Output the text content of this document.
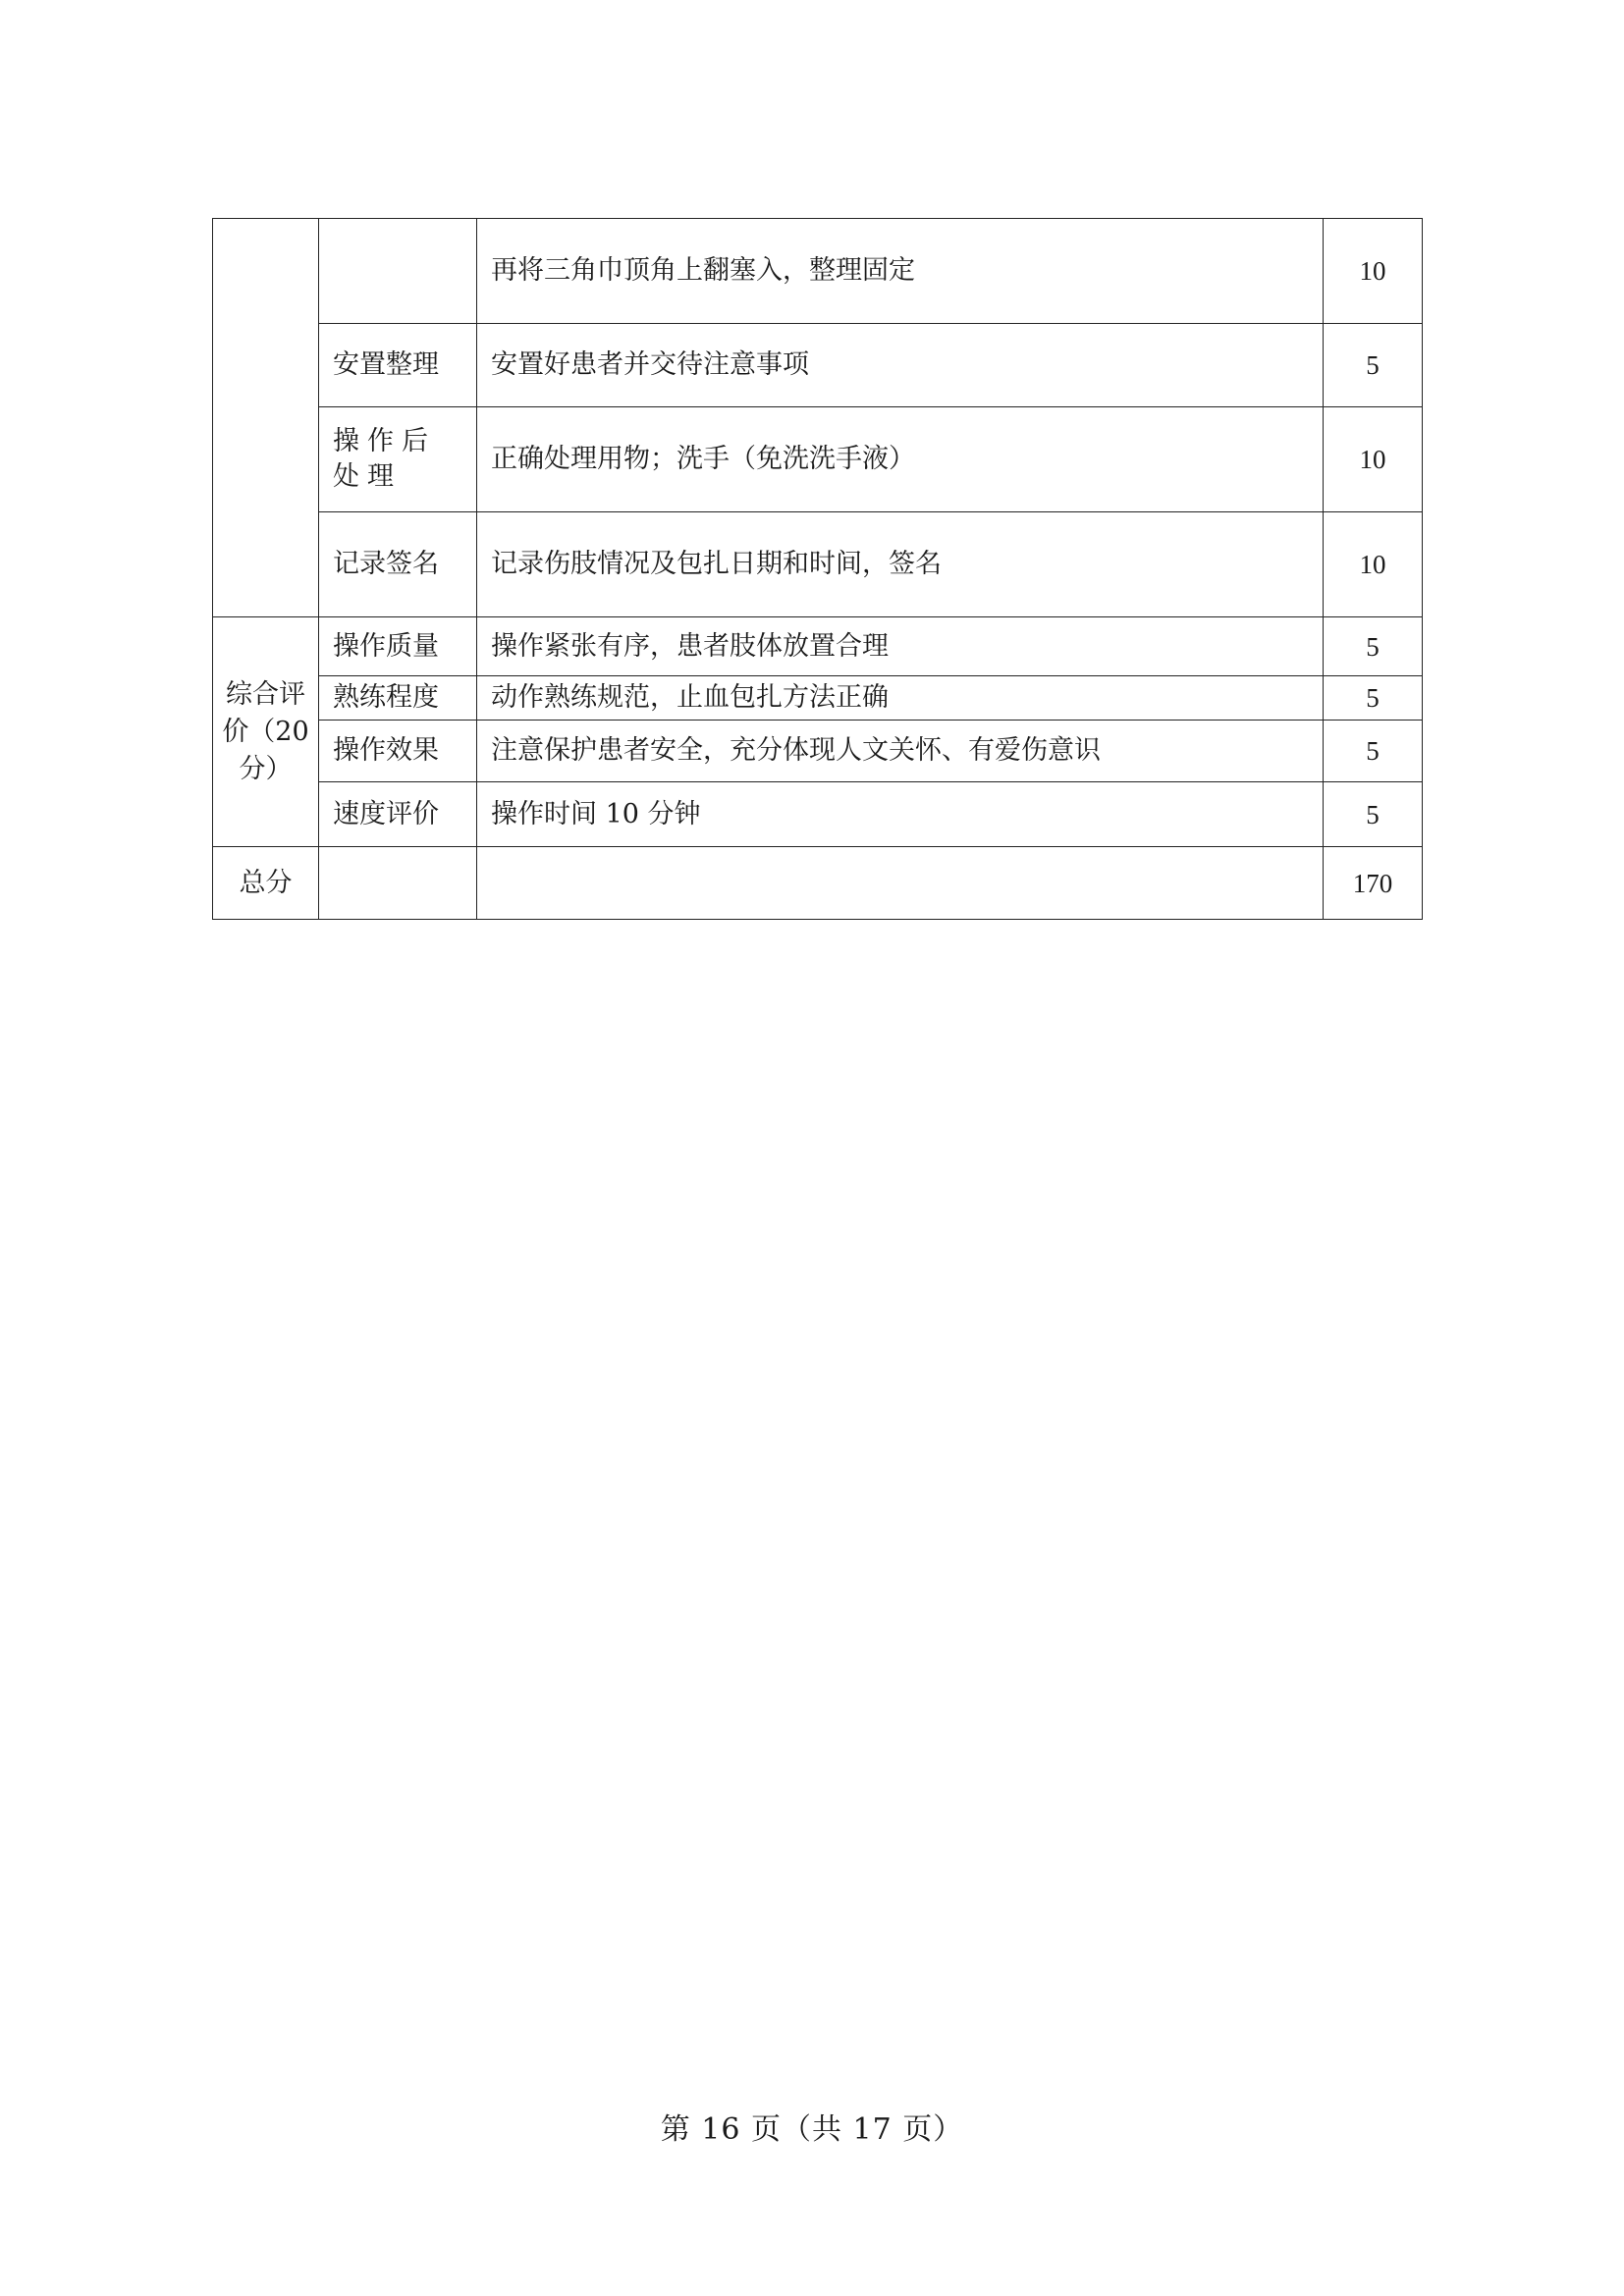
		再将三角巾顶角上翻塞入，整理固定	10
	安置整理	安置好患者并交待注意事项	5
	操作后处理	正确处理用物；洗手（免洗洗手液）	10
	记录签名	记录伤肢情况及包扎日期和时间，签名	10
综合评价（20分）	操作质量	操作紧张有序，患者肢体放置合理	5
	熟练程度	动作熟练规范，止血包扎方法正确	5
	操作效果	注意保护患者安全，充分体现人文关怀、有爱伤意识	5
	速度评价	操作时间 10 分钟	5
总分			170
第 16 页（共 17 页）
